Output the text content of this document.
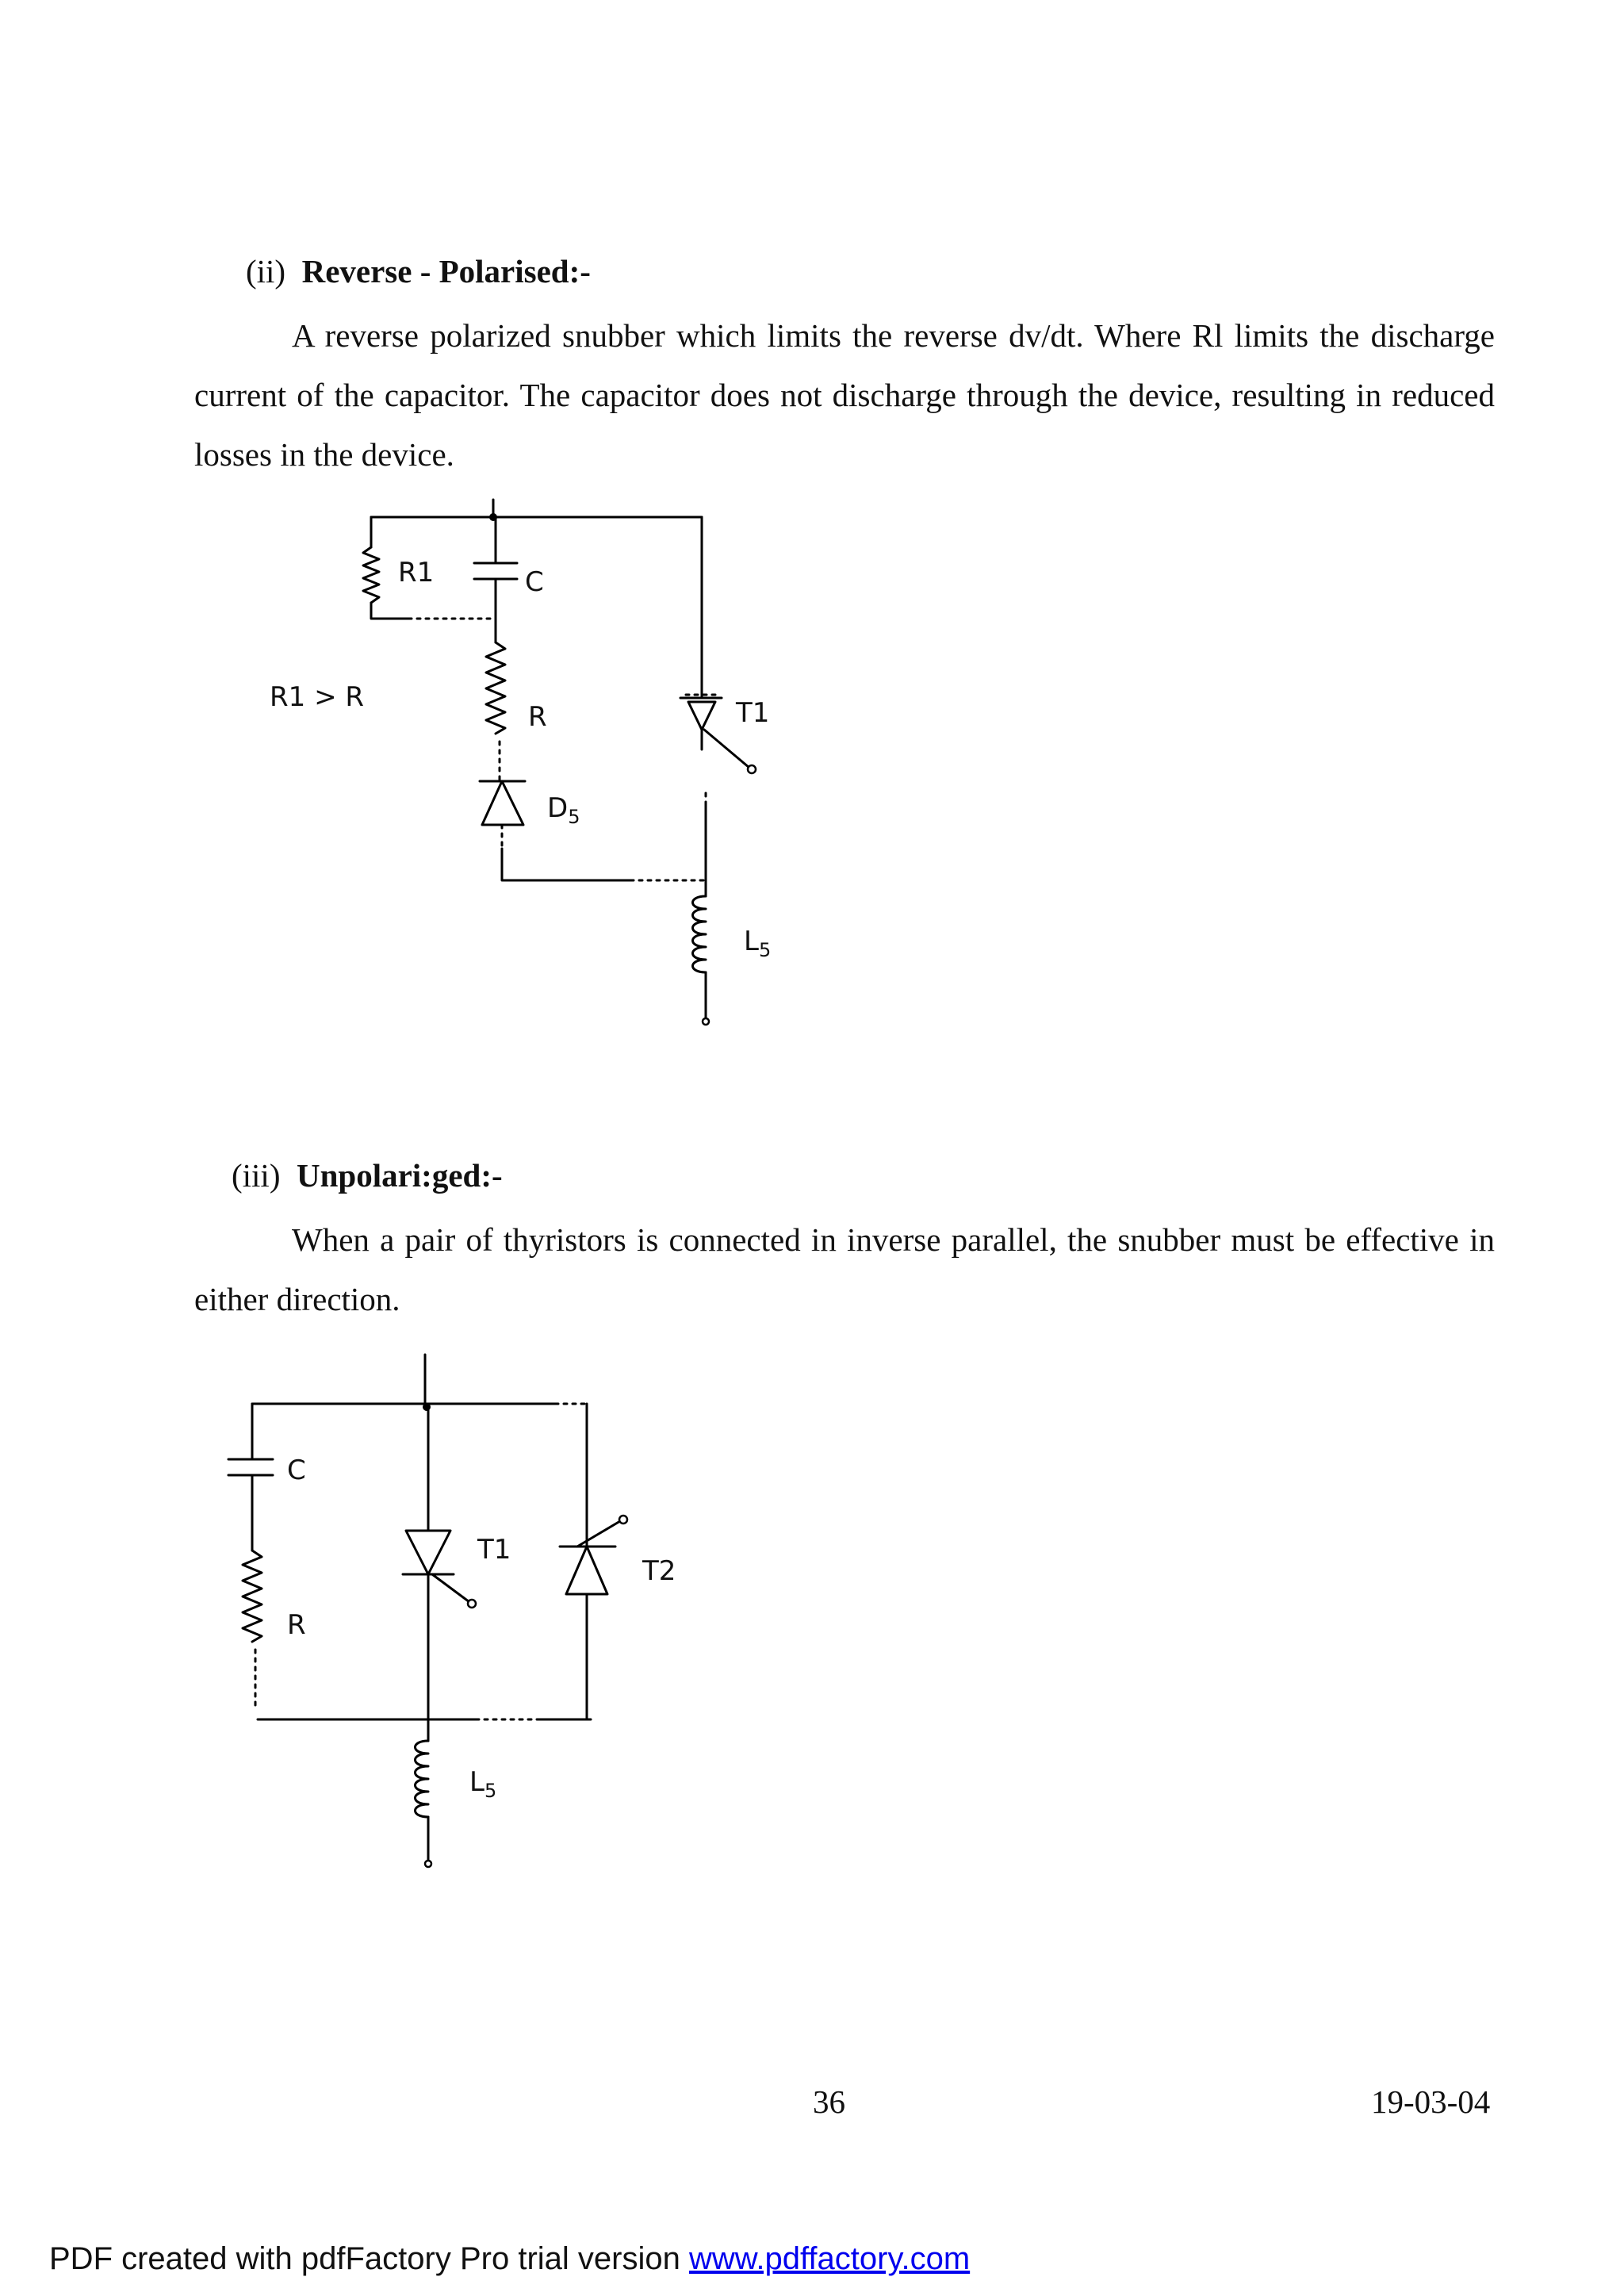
(ii) Reverse - Polarised:-
A reverse polarized snubber which limits the reverse dv/dt. Where Rl limits the discharge current of the capacitor. The capacitor does not discharge through the device, resulting in reduced losses in the device.
R1	C
R1 > R
R	T1
$D_5$
$L_5$
(iii) Unpolari:ged:-
When a pair of thyristors is connected in inverse parallel, the snubber must be effective in either direction.
C
R
T1
T2
$L_5$
36	19-03-04
PDF created with pdfFactory Pro trial version www.pdffactory.com
